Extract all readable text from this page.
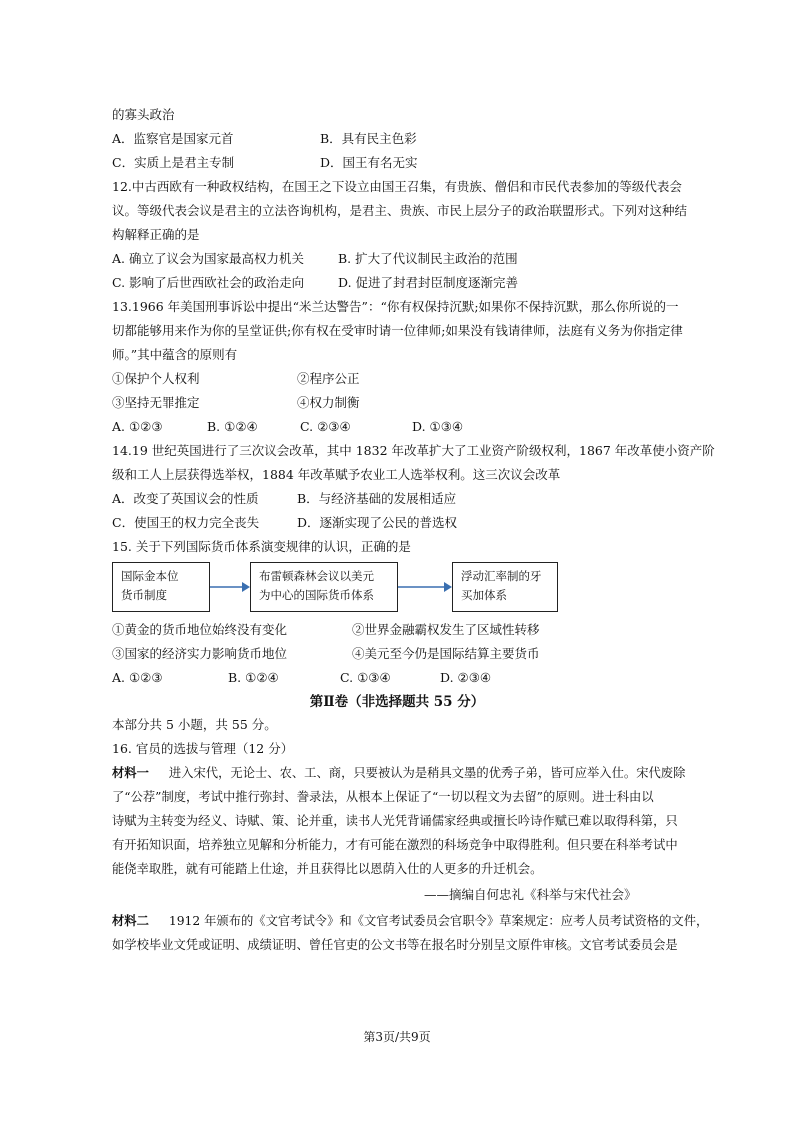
的寡头政治
A．监察官是国家元首	B．具有民主色彩
C．实质上是君主专制	D．国王有名无实
12.中古西欧有一种政权结构，在国王之下设立由国王召集，有贵族、僧侣和市民代表参加的等级代表会
议。等级代表会议是君主的立法咨询机构，是君主、贵族、市民上层分子的政治联盟形式。下列对这种结
构解释正确的是
A. 确立了议会为国家最高权力机关	B. 扩大了代议制民主政治的范围
C. 影响了后世西欧社会的政治走向	D. 促进了封君封臣制度逐渐完善
13.1966 年美国刑事诉讼中提出“米兰达警告”：“你有权保持沉默;如果你不保持沉默，那么你所说的一
切都能够用来作为你的呈堂证供;你有权在受审时请一位律师;如果没有钱请律师，法庭有义务为你指定律
师。”其中蕴含的原则有
①保护个人权利	②程序公正
③坚持无罪推定	④权力制衡
A. ①②③	B. ①②④	C. ②③④	D. ①③④
14.19 世纪英国进行了三次议会改革，其中 1832 年改革扩大了工业资产阶级权利，1867 年改革使小资产阶
级和工人上层获得选举权，1884 年改革赋予农业工人选举权利。这三次议会改革
A．改变了英国议会的性质	B．与经济基础的发展相适应
C．使国王的权力完全丧失	D．逐渐实现了公民的普选权
15. 关于下列国际货币体系演变规律的认识，正确的是
国际金本位
货币制度
布雷顿森林会议以美元
为中心的国际货币体系
浮动汇率制的牙
买加体系
①黄金的货币地位始终没有变化	②世界金融霸权发生了区域性转移
③国家的经济实力影响货币地位	④美元至今仍是国际结算主要货币
A. ①②③	B. ①②④	C. ①③④	D. ②③④
第Ⅱ卷（非选择题共 55 分）
本部分共 5 小题，共 55 分。
16. 官员的选拔与管理（12 分）
材料一 进入宋代，无论士、农、工、商，只要被认为是稍具文墨的优秀子弟，皆可应举入仕。宋代废除
了“公荐”制度，考试中推行弥封、誊录法，从根本上保证了“一切以程文为去留”的原则。进士科由以
诗赋为主转变为经义、诗赋、策、论并重，读书人光凭背诵儒家经典或擅长吟诗作赋已难以取得科第，只
有开拓知识面，培养独立见解和分析能力，才有可能在激烈的科场竞争中取得胜利。但只要在科举考试中
能侥幸取胜，就有可能踏上仕途，并且获得比以恩荫入仕的人更多的升迁机会。
——摘编自何忠礼《科举与宋代社会》
材料二 1912 年颁布的《文官考试令》和《文官考试委员会官职令》草案规定：应考人员考试资格的文件，
如学校毕业文凭或证明、成绩证明、曾任官吏的公文书等在报名时分别呈文原件审核。文官考试委员会是
第3页/共9页
